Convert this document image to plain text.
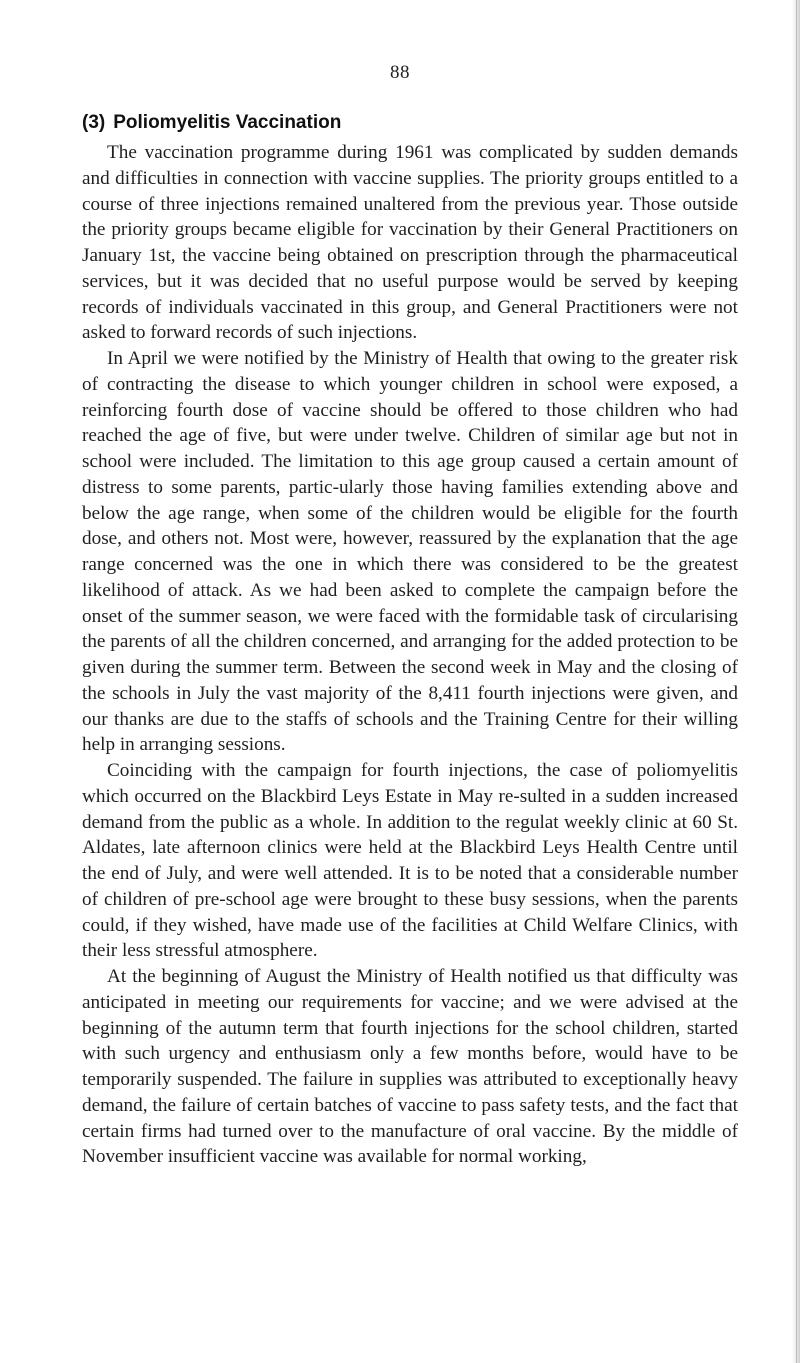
88
(3) Poliomyelitis Vaccination

The vaccination programme during 1961 was complicated by sudden demands and difficulties in connection with vaccine supplies. The priority groups entitled to a course of three injections remained unaltered from the previous year. Those outside the priority groups became eligible for vaccination by their General Practitioners on January 1st, the vaccine being obtained on prescription through the pharmaceutical services, but it was decided that no useful purpose would be served by keeping records of individuals vaccinated in this group, and General Practitioners were not asked to forward records of such injections.

In April we were notified by the Ministry of Health that owing to the greater risk of contracting the disease to which younger children in school were exposed, a reinforcing fourth dose of vaccine should be offered to those children who had reached the age of five, but were under twelve. Children of similar age but not in school were included. The limitation to this age group caused a certain amount of distress to some parents, partic-ularly those having families extending above and below the age range, when some of the children would be eligible for the fourth dose, and others not. Most were, however, reassured by the explanation that the age range concerned was the one in which there was considered to be the greatest likelihood of attack. As we had been asked to complete the campaign before the onset of the summer season, we were faced with the formidable task of circularising the parents of all the children concerned, and arranging for the added protection to be given during the summer term. Between the second week in May and the closing of the schools in July the vast majority of the 8,411 fourth injections were given, and our thanks are due to the staffs of schools and the Training Centre for their willing help in arranging sessions.

Coinciding with the campaign for fourth injections, the case of poliomyelitis which occurred on the Blackbird Leys Estate in May re-sulted in a sudden increased demand from the public as a whole. In addition to the regulat weekly clinic at 60 St. Aldates, late afternoon clinics were held at the Blackbird Leys Health Centre until the end of July, and were well attended. It is to be noted that a considerable number of children of pre-school age were brought to these busy sessions, when the parents could, if they wished, have made use of the facilities at Child Welfare Clinics, with their less stressful atmosphere.

At the beginning of August the Ministry of Health notified us that difficulty was anticipated in meeting our requirements for vaccine; and we were advised at the beginning of the autumn term that fourth injections for the school children, started with such urgency and enthusiasm only a few months before, would have to be temporarily suspended. The failure in supplies was attributed to exceptionally heavy demand, the failure of certain batches of vaccine to pass safety tests, and the fact that certain firms had turned over to the manufacture of oral vaccine. By the middle of November insufficient vaccine was available for normal working,
